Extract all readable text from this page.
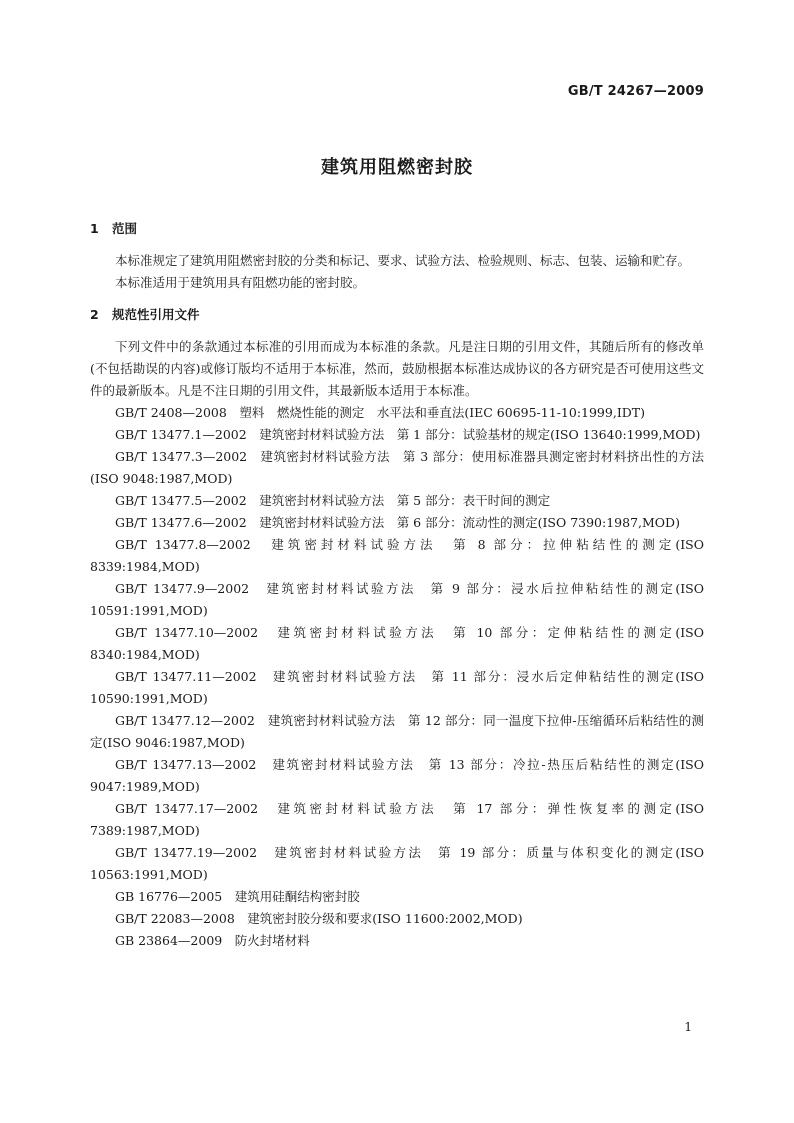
GB/T 24267—2009
建筑用阻燃密封胶
1 范围

本标准规定了建筑用阻燃密封胶的分类和标记、要求、试验方法、检验规则、标志、包装、运输和贮存。

本标准适用于建筑用具有阻燃功能的密封胶。

2 规范性引用文件

下列文件中的条款通过本标准的引用而成为本标准的条款。凡是注日期的引用文件，其随后所有的修改单(不包括勘误的内容)或修订版均不适用于本标准，然而，鼓励根据本标准达成协议的各方研究是否可使用这些文件的最新版本。凡是不注日期的引用文件，其最新版本适用于本标准。

GB/T 2408—2008　塑料　燃烧性能的测定　水平法和垂直法(IEC 60695-11-10:1999,IDT)

GB/T 13477.1—2002　建筑密封材料试验方法　第 1 部分：试验基材的规定(ISO 13640:1999,MOD)

GB/T 13477.3—2002　建筑密封材料试验方法　第 3 部分：使用标准器具测定密封材料挤出性的方法(ISO 9048:1987,MOD)

GB/T 13477.5—2002　建筑密封材料试验方法　第 5 部分：表干时间的测定

GB/T 13477.6—2002　建筑密封材料试验方法　第 6 部分：流动性的测定(ISO 7390:1987,MOD)

GB/T 13477.8—2002　建筑密封材料试验方法　第 8 部分：拉伸粘结性的测定(ISO 8339:1984,MOD)

GB/T 13477.9—2002　建筑密封材料试验方法　第 9 部分：浸水后拉伸粘结性的测定(ISO 10591:1991,MOD)

GB/T 13477.10—2002　建筑密封材料试验方法　第 10 部分：定伸粘结性的测定(ISO 8340:1984,MOD)

GB/T 13477.11—2002　建筑密封材料试验方法　第 11 部分：浸水后定伸粘结性的测定(ISO 10590:1991,MOD)

GB/T 13477.12—2002　建筑密封材料试验方法　第 12 部分：同一温度下拉伸-压缩循环后粘结性的测定(ISO 9046:1987,MOD)

GB/T 13477.13—2002　建筑密封材料试验方法　第 13 部分：冷拉-热压后粘结性的测定(ISO 9047:1989,MOD)

GB/T 13477.17—2002　建筑密封材料试验方法　第 17 部分：弹性恢复率的测定(ISO 7389:1987,MOD)

GB/T 13477.19—2002　建筑密封材料试验方法　第 19 部分：质量与体积变化的测定(ISO 10563:1991,MOD)

GB 16776—2005　建筑用硅酮结构密封胶

GB/T 22083—2008　建筑密封胶分级和要求(ISO 11600:2002,MOD)

GB 23864—2009　防火封堵材料

1
